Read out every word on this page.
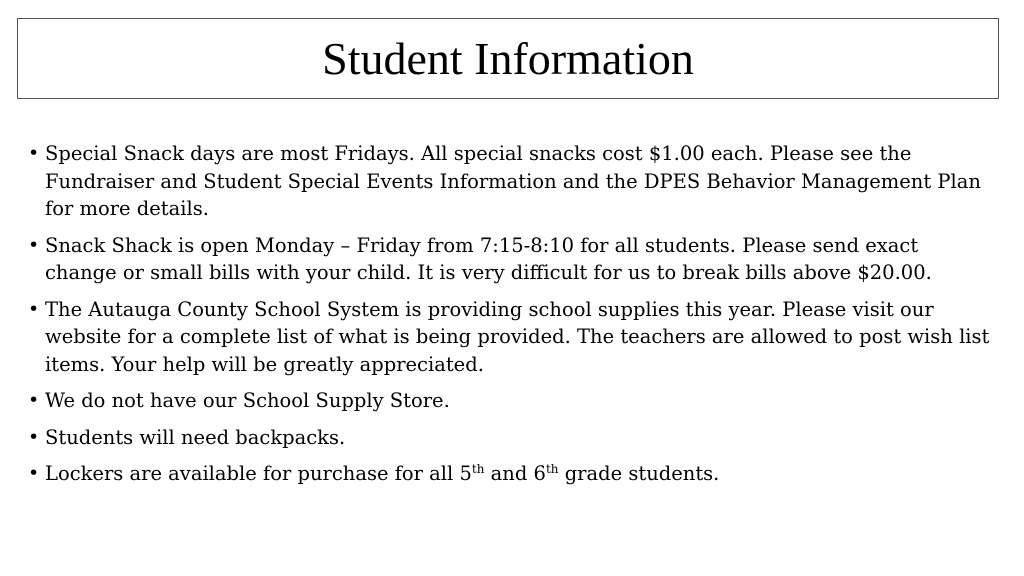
Student Information
• Special Snack days are most Fridays. All special snacks cost $1.00 each. Please see the Fundraiser and Student Special Events Information and the DPES Behavior Management Plan for more details.
• Snack Shack is open Monday – Friday from 7:15-8:10 for all students. Please send exact change or small bills with your child. It is very difficult for us to break bills above $20.00.
• The Autauga County School System is providing school supplies this year. Please visit our website for a complete list of what is being provided. The teachers are allowed to post wish list items. Your help will be greatly appreciated.
• We do not have our School Supply Store.
• Students will need backpacks.
• Lockers are available for purchase for all 5th and 6th grade students.
